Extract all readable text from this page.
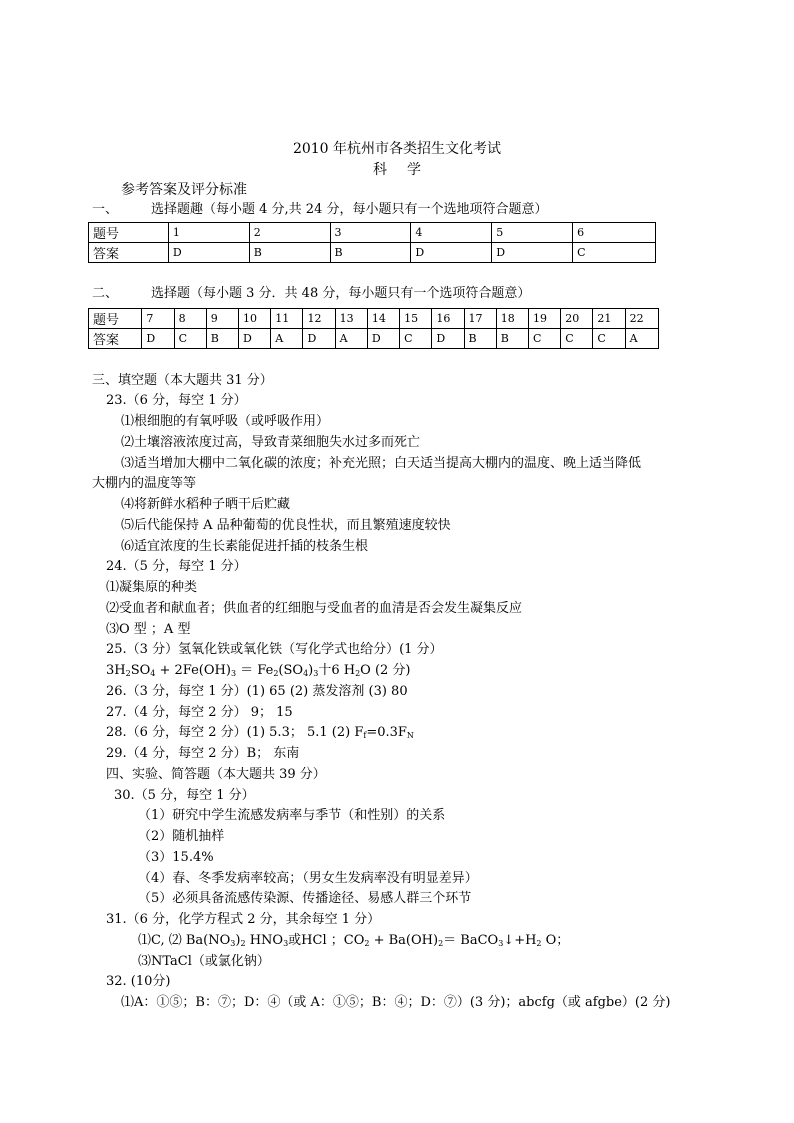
2010 年杭州市各类招生文化考试
科学
参考答案及评分标准
一、	选择题趣（每小题 4 分,共 24 分，每小题只有一个选地项符合题意）
题号	1	2	3	4	5	6
答案	D	B	B	D	D	C
二、	选择题（每小题 3 分．共 48 分，每小题只有一个选项符合题意）
题号	7	8	9	10	11	12	13	14	15	16	17	18	19	20	21	22
答案	D	C	B	D	A	D	A	D	C	D	B	B	C	C	C	A
三、填空题（本大题共 31 分）
23.（6 分，每空 1 分）
⑴根细胞的有氧呼吸（或呼吸作用）
⑵土壤溶液浓度过高，导致青菜细胞失水过多而死亡
⑶适当增加大棚中二氧化碳的浓度；补充光照；白天适当提高大棚内的温度、晚上适当降低
大棚内的温度等等
⑷将新鲜水稻种子晒干后贮藏
⑸后代能保持 A 品种葡萄的优良性状，而且繁殖速度较快
⑹适宜浓度的生长素能促进扦插的枝条生根
24.（5 分，每空 1 分）
⑴凝集原的种类
⑵受血者和献血者；供血者的红细胞与受血者的血清是否会发生凝集反应
⑶O 型 ；A 型
25.（3 分）氢氧化铁或氧化铁（写化学式也给分）(1 分）
$3H_2SO_4 + 2Fe(OH)_3 = Fe_2(SO_4)_3$十6 $H_2O$ (2 分)
26.（3 分，每空 1 分）(1) 65 (2) 蒸发溶剂 (3) 80
27.（4 分，每空 2 分） 9； 15
28.（6 分，每空 2 分）(1) 5.3； 5.1 (2) $F_f=0.3F_N$
29.（4 分，每空 2 分）B； 东南
四、实验、简答题（本大题共 39 分）
30.（5 分，每空 1 分）
（1）研究中学生流感发病率与季节（和性别）的关系
（2）随机抽样
（3）15.4%
（4）春、冬季发病率较高；（男女生发病率没有明显差异）
（5）必须具备流感传染源、传播途径、易感人群三个环节
31.（6 分，化学方程式 2 分，其余每空 1 分）
⑴C, ⑵ $Ba(NO_3)_2$ $HNO_3$或HCl ；$CO_2 + Ba(OH)_2=$ $BaCO_3↓+H_2$ O；
⑶NTaCl（或氯化钠）
32. (10分)
⑴A：①⑤；B：⑦；D：④（或 A：①⑤；B：④；D：⑦）(3 分)；abcfg（或 afgbe）(2 分)
